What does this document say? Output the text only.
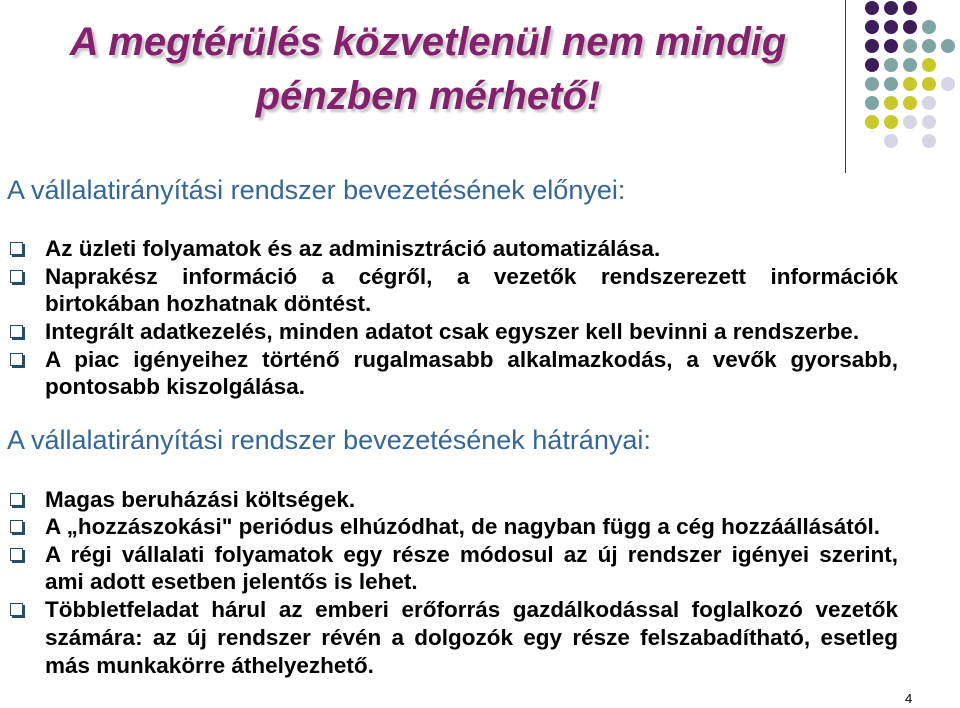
A megtérülés közvetlenül nem mindig
pénzben mérhető!
A vállalatirányítási rendszer bevezetésének előnyei:
Az üzleti folyamatok és az adminisztráció automatizálása.
Naprakész információ a cégről, a vezetők rendszerezett információk
birtokában hozhatnak döntést.
Integrált adatkezelés, minden adatot csak egyszer kell bevinni a rendszerbe.
A piac igényeihez történő rugalmasabb alkalmazkodás, a vevők gyorsabb,
pontosabb kiszolgálása.
A vállalatirányítási rendszer bevezetésének hátrányai:
Magas beruházási költségek.
A „hozzászokási" periódus elhúzódhat, de nagyban függ a cég hozzáállásától.
A régi vállalati folyamatok egy része módosul az új rendszer igényei szerint,
ami adott esetben jelentős is lehet.
Többletfeladat hárul az emberi erőforrás gazdálkodással foglalkozó vezetők
számára: az új rendszer révén a dolgozók egy része felszabadítható, esetleg
más munkakörre áthelyezhető.
4
